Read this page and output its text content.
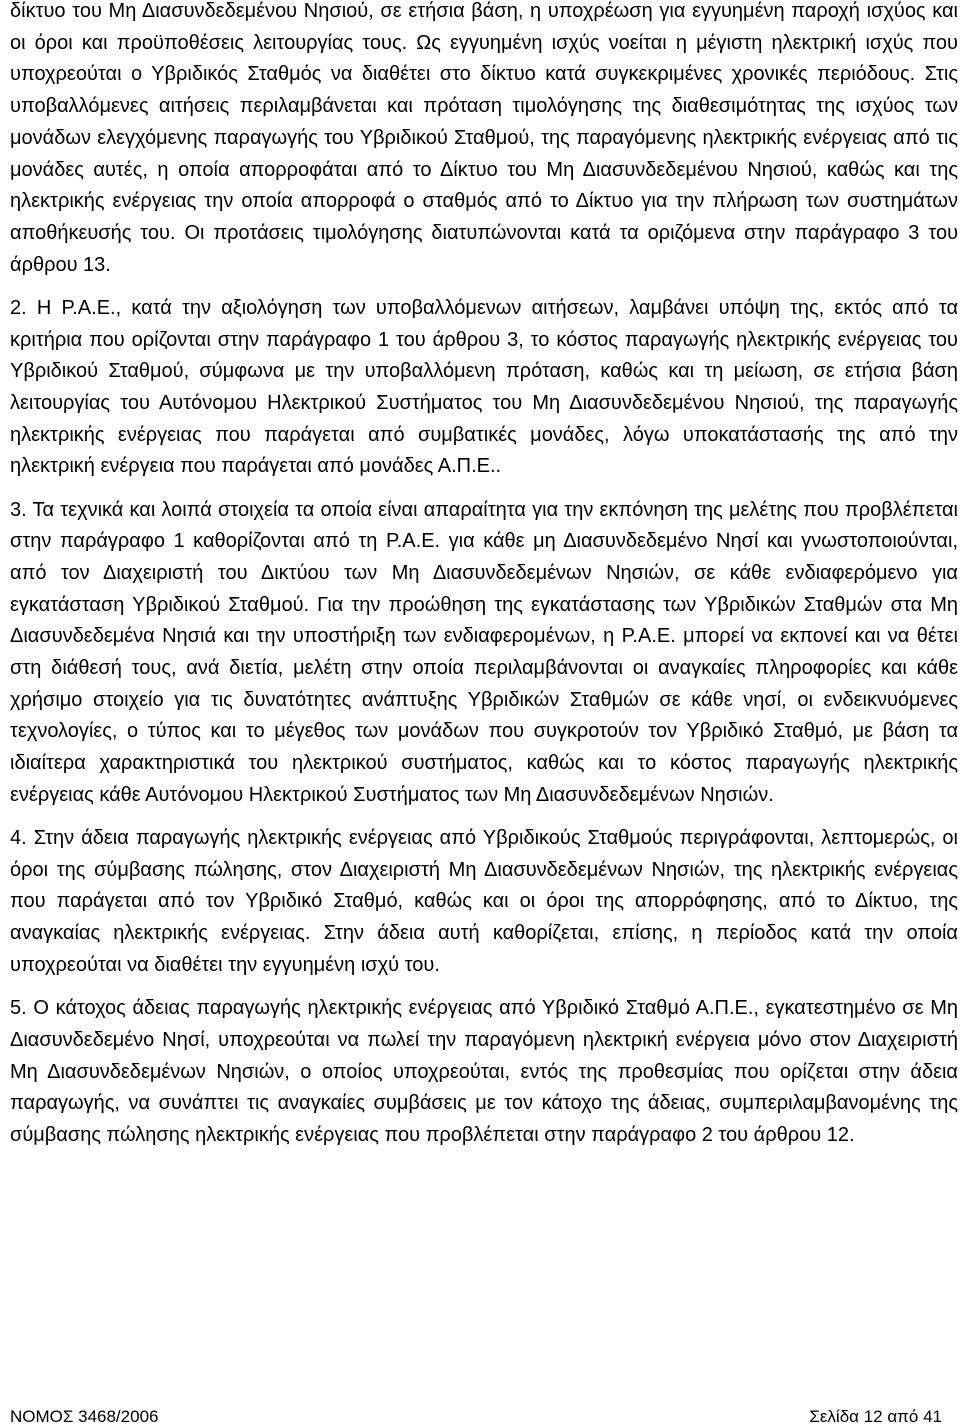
δίκτυο του Μη Διασυνδεδεμένου Νησιού, σε ετήσια βάση, η υποχρέωση για εγγυημένη παροχή ισχύος και οι όροι και προϋποθέσεις λειτουργίας τους. Ως εγγυημένη ισχύς νοείται η μέγιστη ηλεκτρική ισχύς που υποχρεούται ο Υβριδικός Σταθμός να διαθέτει στο δίκτυο κατά συγκεκριμένες χρονικές περιόδους. Στις υποβαλλόμενες αιτήσεις περιλαμβάνεται και πρόταση τιμολόγησης της διαθεσιμότητας της ισχύος των μονάδων ελεγχόμενης παραγωγής του Υβριδικού Σταθμού, της παραγόμενης ηλεκτρικής ενέργειας από τις μονάδες αυτές, η οποία απορροφάται από το Δίκτυο του Μη Διασυνδεδεμένου Νησιού, καθώς και της ηλεκτρικής ενέργειας την οποία απορροφά ο σταθμός από το Δίκτυο για την πλήρωση των συστημάτων αποθήκευσής του. Οι προτάσεις τιμολόγησης διατυπώνονται κατά τα οριζόμενα στην παράγραφο 3 του άρθρου 13.

2. Η Ρ.Α.Ε., κατά την αξιολόγηση των υποβαλλόμενων αιτήσεων, λαμβάνει υπόψη της, εκτός από τα κριτήρια που ορίζονται στην παράγραφο 1 του άρθρου 3, το κόστος παραγωγής ηλεκτρικής ενέργειας του Υβριδικού Σταθμού, σύμφωνα με την υποβαλλόμενη πρόταση, καθώς και τη μείωση, σε ετήσια βάση λειτουργίας του Αυτόνομου Ηλεκτρικού Συστήματος του Μη Διασυνδεδεμένου Νησιού, της παραγωγής ηλεκτρικής ενέργειας που παράγεται από συμβατικές μονάδες, λόγω υποκατάστασής της από την ηλεκτρική ενέργεια που παράγεται από μονάδες Α.Π.Ε..

3. Τα τεχνικά και λοιπά στοιχεία τα οποία είναι απαραίτητα για την εκπόνηση της μελέτης που προβλέπεται στην παράγραφο 1 καθορίζονται από τη Ρ.Α.Ε. για κάθε μη Διασυνδεδεμένο Νησί και γνωστοποιούνται, από τον Διαχειριστή του Δικτύου των Μη Διασυνδεδεμένων Νησιών, σε κάθε ενδιαφερόμενο για εγκατάσταση Υβριδικού Σταθμού. Για την προώθηση της εγκατάστασης των Υβριδικών Σταθμών στα Μη Διασυνδεδεμένα Νησιά και την υποστήριξη των ενδιαφερομένων, η Ρ.Α.Ε. μπορεί να εκπονεί και να θέτει στη διάθεσή τους, ανά διετία, μελέτη στην οποία περιλαμβάνονται οι αναγκαίες πληροφορίες και κάθε χρήσιμο στοιχείο για τις δυνατότητες ανάπτυξης Υβριδικών Σταθμών σε κάθε νησί, οι ενδεικνυόμενες τεχνολογίες, ο τύπος και το μέγεθος των μονάδων που συγκροτούν τον Υβριδικό Σταθμό, με βάση τα ιδιαίτερα χαρακτηριστικά του ηλεκτρικού συστήματος, καθώς και το κόστος παραγωγής ηλεκτρικής ενέργειας κάθε Αυτόνομου Ηλεκτρικού Συστήματος των Μη Διασυνδεδεμένων Νησιών.

4. Στην άδεια παραγωγής ηλεκτρικής ενέργειας από Υβριδικούς Σταθμούς περιγράφονται, λεπτομερώς, οι όροι της σύμβασης πώλησης, στον Διαχειριστή Μη Διασυνδεδεμένων Νησιών, της ηλεκτρικής ενέργειας που παράγεται από τον Υβριδικό Σταθμό, καθώς και οι όροι της απορρόφησης, από το Δίκτυο, της αναγκαίας ηλεκτρικής ενέργειας. Στην άδεια αυτή καθορίζεται, επίσης, η περίοδος κατά την οποία υποχρεούται να διαθέτει την εγγυημένη ισχύ του.

5. Ο κάτοχος άδειας παραγωγής ηλεκτρικής ενέργειας από Υβριδικό Σταθμό Α.Π.Ε., εγκατεστημένο σε Μη Διασυνδεδεμένο Νησί, υποχρεούται να πωλεί την παραγόμενη ηλεκτρική ενέργεια μόνο στον Διαχειριστή Μη Διασυνδεδεμένων Νησιών, ο οποίος υποχρεούται, εντός της προθεσμίας που ορίζεται στην άδεια παραγωγής, να συνάπτει τις αναγκαίες συμβάσεις με τον κάτοχο της άδειας, συμπεριλαμβανομένης της σύμβασης πώλησης ηλεκτρικής ενέργειας που προβλέπεται στην παράγραφο 2 του άρθρου 12.

ΝΟΜΟΣ 3468/2006	Σελίδα 12 από 41
